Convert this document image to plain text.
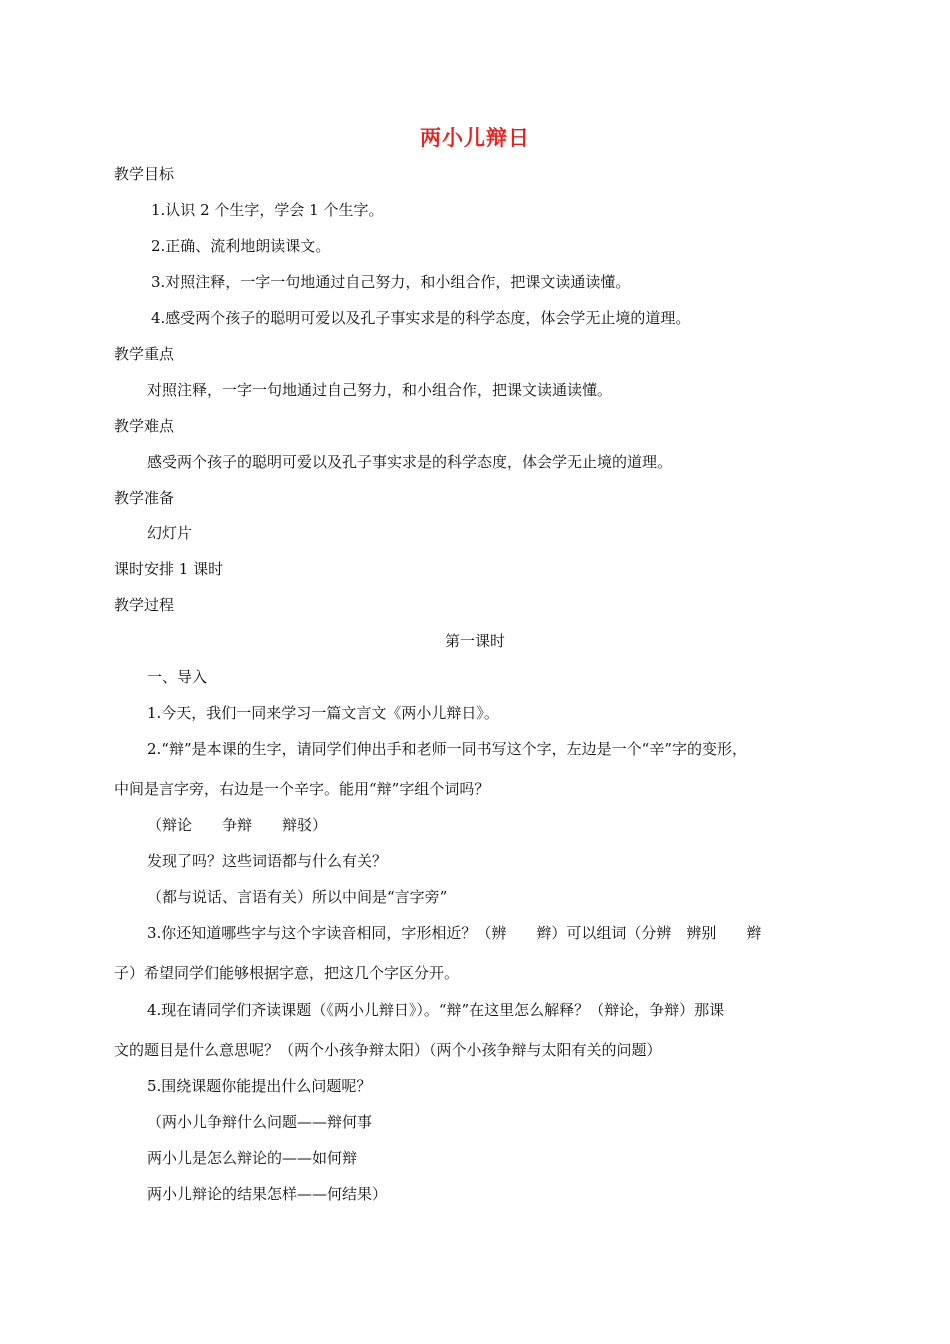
两小儿辩日
教学目标
1.认识 2 个生字，学会 1 个生字。
2.正确、流利地朗读课文。
3.对照注释，一字一句地通过自己努力，和小组合作，把课文读通读懂。
4.感受两个孩子的聪明可爱以及孔子事实求是的科学态度，体会学无止境的道理。
教学重点
对照注释，一字一句地通过自己努力，和小组合作，把课文读通读懂。
教学难点
感受两个孩子的聪明可爱以及孔子事实求是的科学态度，体会学无止境的道理。
教学准备
幻灯片
课时安排 1 课时
教学过程
第一课时
一、导入
1.今天，我们一同来学习一篇文言文《两小儿辩日》。
2.“辩”是本课的生字，请同学们伸出手和老师一同书写这个字，左边是一个“辛”字的变形，
中间是言字旁，右边是一个辛字。能用“辩”字组个词吗？
（辩论　　争辩　　辩驳）
发现了吗？这些词语都与什么有关？
（都与说话、言语有关）所以中间是“言字旁”
3.你还知道哪些字与这个字读音相同，字形相近？（辨　　辫）可以组词（分辨　辨别　　辫
子）希望同学们能够根据字意，把这几个字区分开。
4.现在请同学们齐读课题（《两小儿辩日》）。“辩”在这里怎么解释？（辩论，争辩）那课
文的题目是什么意思呢？（两个小孩争辩太阳）（两个小孩争辩与太阳有关的问题）
5.围绕课题你能提出什么问题呢？
（两小儿争辩什么问题——辩何事
两小儿是怎么辩论的——如何辩
两小儿辩论的结果怎样——何结果）
